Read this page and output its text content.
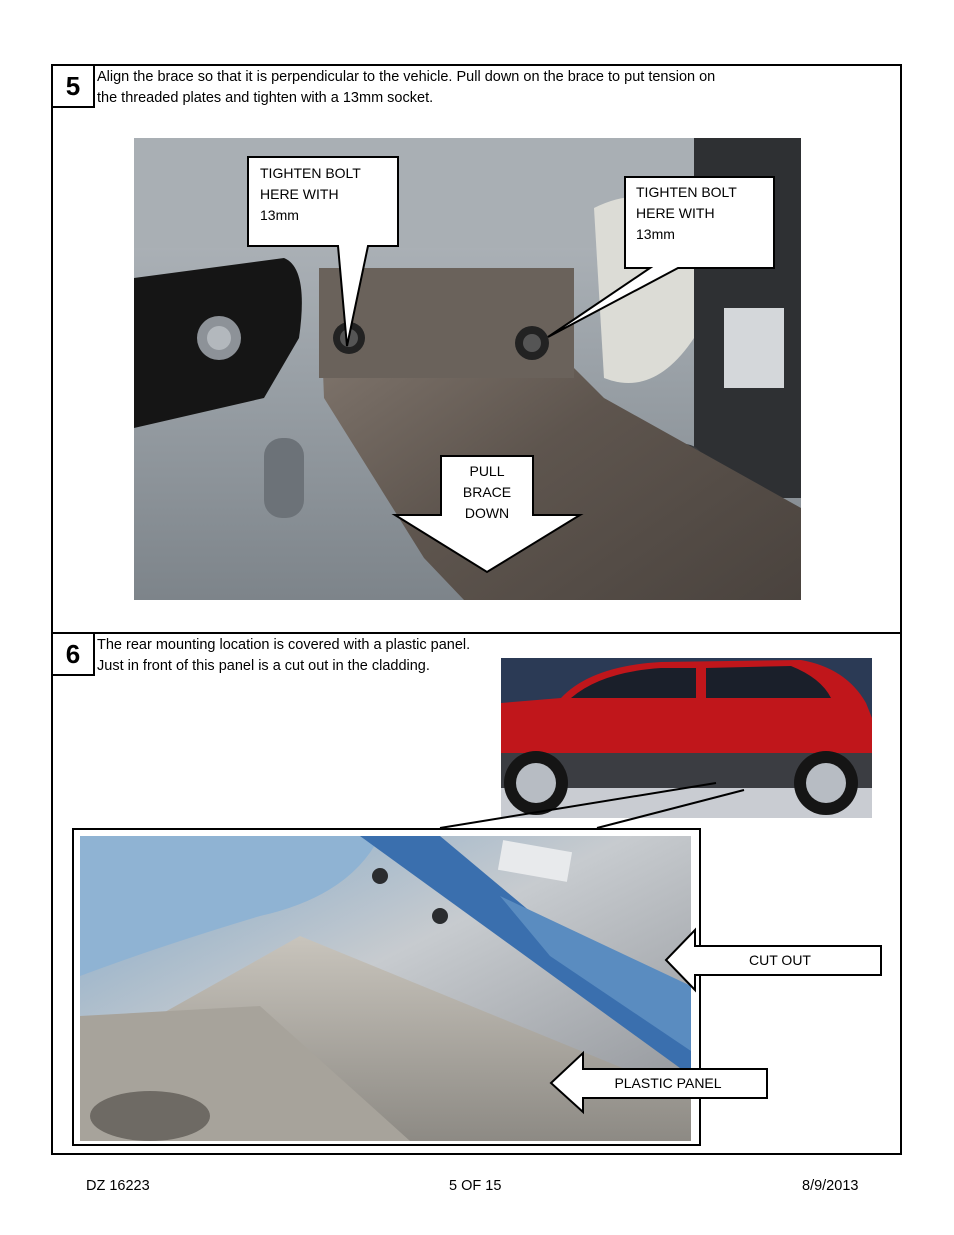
5	Align the brace so that it is perpendicular to the vehicle. Pull down on the brace to put tension on
the threaded plates and tighten with a 13mm socket.
TIGHTEN BOLT
HERE WITH
13mm
TIGHTEN BOLT
HERE WITH
13mm
PULL
BRACE
DOWN
6	The rear mounting location is covered with a plastic panel.
Just in front of this panel is a cut out in the cladding.
CUT OUT
PLASTIC PANEL
DZ 16223	5 OF 15	8/9/2013
